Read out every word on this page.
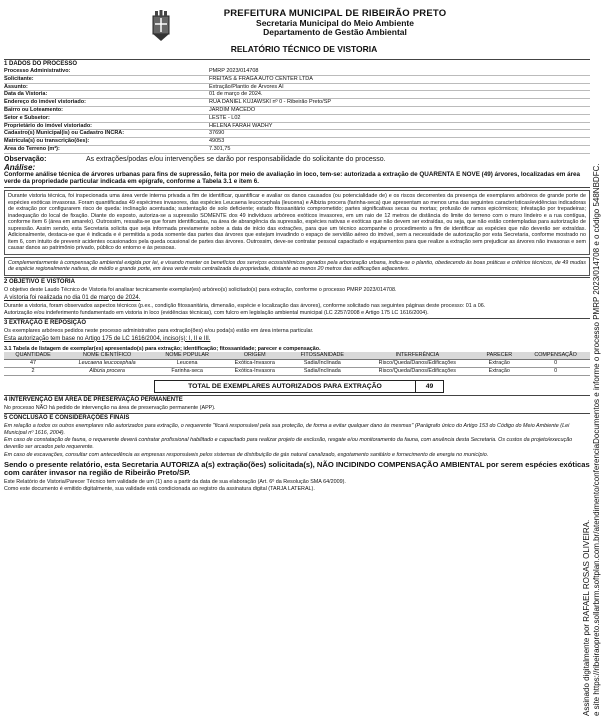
PREFEITURA MUNICIPAL DE RIBEIRÃO PRETO
Secretaria Municipal do Meio Ambiente
Departamento de Gestão Ambiental
RELATÓRIO TÉCNICO DE VISTORIA
1 DADOS DO PROCESSO
Processo Administrativo:	PMRP 2023/014708
Solicitante:	FREITAS & FRAGA AUTO CENTER LTDA
Assunto:	Extração/Plantio de Árvores AI
Data da Vistoria:	01 de março de 2024.
Endereço do imóvel vistoriado:	RUA DANIEL KUJAWSKI nº 0 - Ribeirão Preto/SP
Bairro ou Loteamento:	JARDIM MACEDO
Setor e Subsetor:	LESTE - L02
Proprietário do imóvel vistoriado:	HELENA FARAH WADHY
Cadastro(s) Municipal(is) ou Cadastro INCRA:	37690
Matrícula(s) ou transcrição(ões):	49053
Área do Terreno (m²):	7.301,75
Observação:	As extrações/podas e/ou intervenções se darão por responsabilidade do solicitante do processo.
Análise:
Conforme análise técnica de árvores urbanas para fins de supressão, feita por meio de avaliação in loco, tem-se: autorizada a extração de QUARENTA E NOVE (49) árvores, localizadas em área verde da propriedade particular indicada em epígrafe, conforme a Tabela 3.1 e item 6.
Durante vistoria técnica, foi inspecionada uma área verde interna privada a fim de identificar, quantificar e avaliar os danos causados (ou potencialidade de) e os riscos decorrentes da presença de exemplares arbóreos de grande porte de espécies exóticas invasoras. Foram quantificadas 49 espécimes invasores, das espécies Leucaena leucocephala (leucena) e Albizia procera (farinha-seca) que apresentam ao menos uma das seguintes características/evidências indicadoras de extração por configurarem risco de queda: inclinação acentuada; sustentação de solo deficiente; estado fitossanitário comprometido; partes significativas secas ou mortas; profusão de ramos epicórmicos; infestação por trepadeiras; inadequação do local de fixação. Diante do exposto, autoriza-se a supressão SOMENTE dos 49 indivíduos arbóreos exóticos invasores, em um raio de 12 metros de distância do limite do terreno com o muro lindeiro e a rua contígua, conforme item 6 (área em amarelo). Outrossim, ressalta-se que foram identificadas, na área de abrangência da supressão, espécies nativas e exóticas que não devem ser extraídas, ou seja, que não estão contempladas para autorização de supressão. Assim sendo, esta Secretaria solicita que seja informada previamente sobre a data de início das extrações, para que um técnico acompanhe o procedimento a fim de identificar as espécies que não deverão ser extraídas. Adicionalmente, destaca-se que é indicada e é permitida a poda somente das partes das árvores que estejam invadindo o espaço de servidão aéreo do imóvel, sem a necessidade de autorização por esta Secretaria, conforme mostrado no item 6, com intuito de prevenir acidentes ocasionados pela queda ocasional de partes das árvores. Outrossim, deve-se contratar pessoal capacitado e equipamentos para que realize a extração sem prejudicar as árvores não invasoras e sem causar danos ao patrimônio privado, público do entorno e às pessoas.
Complementarmente à compensação ambiental exigida por lei, e visando manter os benefícios dos serviços ecossistêmicos gerados pela arborização urbana, indica-se o plantio, obedecendo às boas práticas e critérios técnicos, de 49 mudas de espécie regionalmente nativas, de médio e grande porte, em área verde mais centralizada da propriedade, distante ao menos 20 metros das edificações adjacentes.
2 OBJETIVO E VISTORIA
O objetivo deste Laudo Técnico de Vistoria foi analisar tecnicamente exemplar(es) arbóreo(s) solicitado(s) para extração, conforme o processo PMRP 2023/014708.
A vistoria foi realizada no dia 01 de março de 2024.
Durante a vistoria, foram observados aspectos técnicos (p.ex., condição fitossanitária, dimensão, espécie e localização das árvores), conforme solicitado nas seguintes páginas deste processo: 01 a 06.
Autorização e/ou indeferimento fundamentado em vistoria in loco (evidências técnicas), com fulcro em legislação ambiental municipal (LC 2257/2008 e Artigo 175 LC 1616/2004).
3 EXTRAÇÃO E REPOSIÇÃO
Os exemplares arbóreos pedidos neste processo administrativo para extração(ões) e/ou poda(s) estão em área interna particular.
Esta autorização tem base no Artigo 175 de LC 1616/2004, inciso(s): I, II e III.
3.1 Tabela de listagem de exemplar(es) apresentado(s) para extração; identificação; fitossanidade; parecer e compensação.
QUANTIDADE	NOME CIENTÍFICO	NOME POPULAR	ORIGEM	FITOSSANIDADE	INTERFERÊNCIA	PARECER	COMPENSAÇÃO
47	Leucaena leucocephala	Leucena	Exótica-Invasora	Sadia/Inclinada	Risco/Queda/Danos/Edificações	Extração	0
2	Albizia procera	Farinha-seca	Exótica-Invasora	Sadia/Inclinada	Risco/Queda/Danos/Edificações	Extração	0
TOTAL DE EXEMPLARES AUTORIZADOS PARA EXTRAÇÃO	49
4 INTERVENÇÃO EM ÁREA DE PRESERVAÇÃO PERMANENTE
No processo NÃO há pedido de intervenção na área de preservação permanente (APP).
5 CONCLUSÃO E CONSIDERAÇÕES FINAIS
Em relação a todos os outros exemplares não autorizados para extração, o requerente "ficará responsável pela sua proteção, de forma a evitar qualquer dano às mesmas" (Parágrafo único do Artigo 153 do Código do Meio Ambiente (Lei Municipal nº 1616, 2004).
Em caso de constatação de fauna, o requerente deverá contratar profissional habilitado e capacitado para realizar projeto de exclusão, resgate e/ou monitoramento da fauna, com anuência desta Secretaria. Os custos da projeto/execução deverão ser arcados pelo requerente.
Em caso de escavações, consultar com antecedência as empresas responsáveis pelos sistemas de distribuição de gás natural canalizado, esgotamento sanitário e fornecimento de energia no município.
Sendo o presente relatório, esta Secretaria AUTORIZA a(s) extração(ões) solicitada(s), NÃO INCIDINDO COMPENSAÇÃO AMBIENTAL por serem espécies exóticas com caráter invasor na região de Ribeirão Preto/SP.
Este Relatório de Vistoria/Parecer Técnico tem validade de um (1) ano a partir da data de sua elaboração (Art. 6º da Resolução SMA 64/2009).
Como este documento é emitido digitalmente, sua validade está condicionada ao registro da assinatura digital (TARJA LATERAL).
Assinado digitalmente por RAFAEL ROSAS OLIVEIRA. e site https://ribeiraopreto.sollarbrm.softplan.com.br/atendimento/conferenciaDocumentos e informe o processo PMRP 2023/014708 e o código 548NBDFC.
